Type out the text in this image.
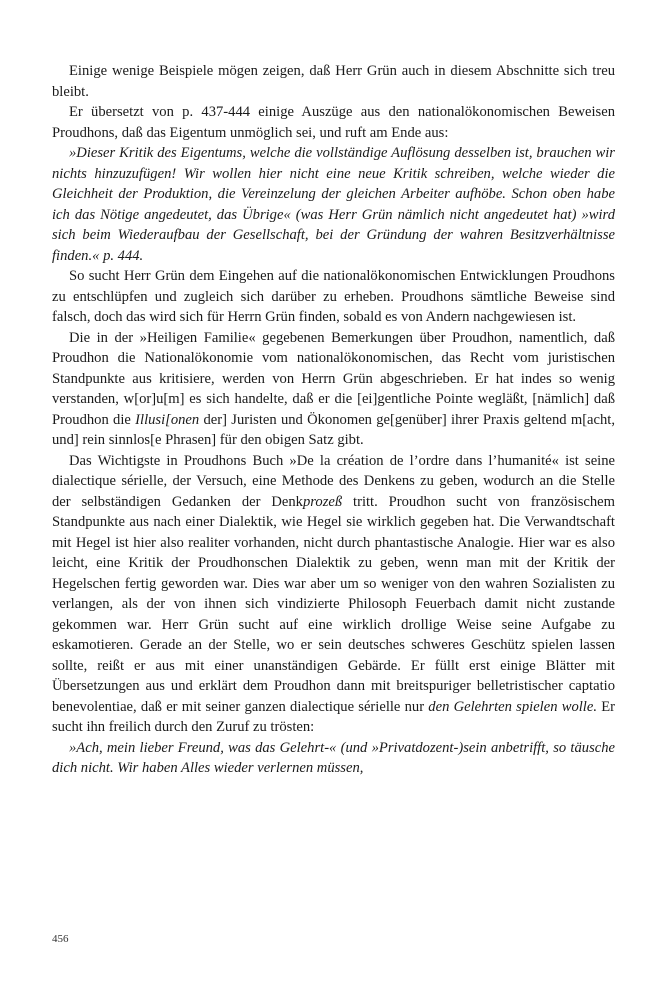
Einige wenige Beispiele mögen zeigen, daß Herr Grün auch in diesem Abschnitte sich treu bleibt.

Er übersetzt von p. 437-444 einige Auszüge aus den nationalökonomischen Beweisen Proudhons, daß das Eigentum unmöglich sei, und ruft am Ende aus:

»Dieser Kritik des Eigentums, welche die vollständige Auflösung desselben ist, brauchen wir nichts hinzuzufügen! Wir wollen hier nicht eine neue Kritik schreiben, welche wieder die Gleichheit der Produktion, die Vereinzelung der gleichen Arbeiter aufhöbe. Schon oben habe ich das Nötige angedeutet, das Übrige« (was Herr Grün nämlich nicht angedeutet hat) »wird sich beim Wiederaufbau der Gesellschaft, bei der Gründung der wahren Besitzverhältnisse finden.« p. 444.

So sucht Herr Grün dem Eingehen auf die nationalökonomischen Entwicklungen Proudhons zu entschlüpfen und zugleich sich darüber zu erheben. Proudhons sämtliche Beweise sind falsch, doch das wird sich für Herrn Grün finden, sobald es von Andern nachgewiesen ist.

Die in der »Heiligen Familie« gegebenen Bemerkungen über Proudhon, namentlich, daß Proudhon die Nationalökonomie vom nationalökonomischen, das Recht vom juristischen Standpunkte aus kritisiere, werden von Herrn Grün abgeschrieben. Er hat indes so wenig verstanden, w[or]u[m] es sich handelte, daß er die [ei]gentliche Pointe wegläßt, [nämlich] daß Proudhon die Illusi[onen der] Juristen und Ökonomen ge[genüber] ihrer Praxis geltend m[acht, und] rein sinnlos[e Phrasen] für den obigen Satz gibt.

Das Wichtigste in Proudhons Buch »De la création de l’ordre dans l’humanité« ist seine dialectique sérielle, der Versuch, eine Methode des Denkens zu geben, wodurch an die Stelle der selbständigen Gedanken der Denkprozeß tritt. Proudhon sucht von französischem Standpunkte aus nach einer Dialektik, wie Hegel sie wirklich gegeben hat. Die Verwandtschaft mit Hegel ist hier also realiter vorhanden, nicht durch phantastische Analogie. Hier war es also leicht, eine Kritik der Proudhonschen Dialektik zu geben, wenn man mit der Kritik der Hegelschen fertig geworden war. Dies war aber um so weniger von den wahren Sozialisten zu verlangen, als der von ihnen sich vindizierte Philosoph Feuerbach damit nicht zustande gekommen war. Herr Grün sucht auf eine wirklich drollige Weise seine Aufgabe zu eskamotieren. Gerade an der Stelle, wo er sein deutsches schweres Geschütz spielen lassen sollte, reißt er aus mit einer unanständigen Gebärde. Er füllt erst einige Blätter mit Übersetzungen aus und erklärt dem Proudhon dann mit breitspuriger belletristischer captatio benevolentiae, daß er mit seiner ganzen dialectique sérielle nur den Gelehrten spielen wolle. Er sucht ihn freilich durch den Zuruf zu trösten:

»Ach, mein lieber Freund, was das Gelehrt-« (und »Privatdozent-)sein anbetrifft, so täusche dich nicht. Wir haben Alles wieder verlernen müssen,

456
